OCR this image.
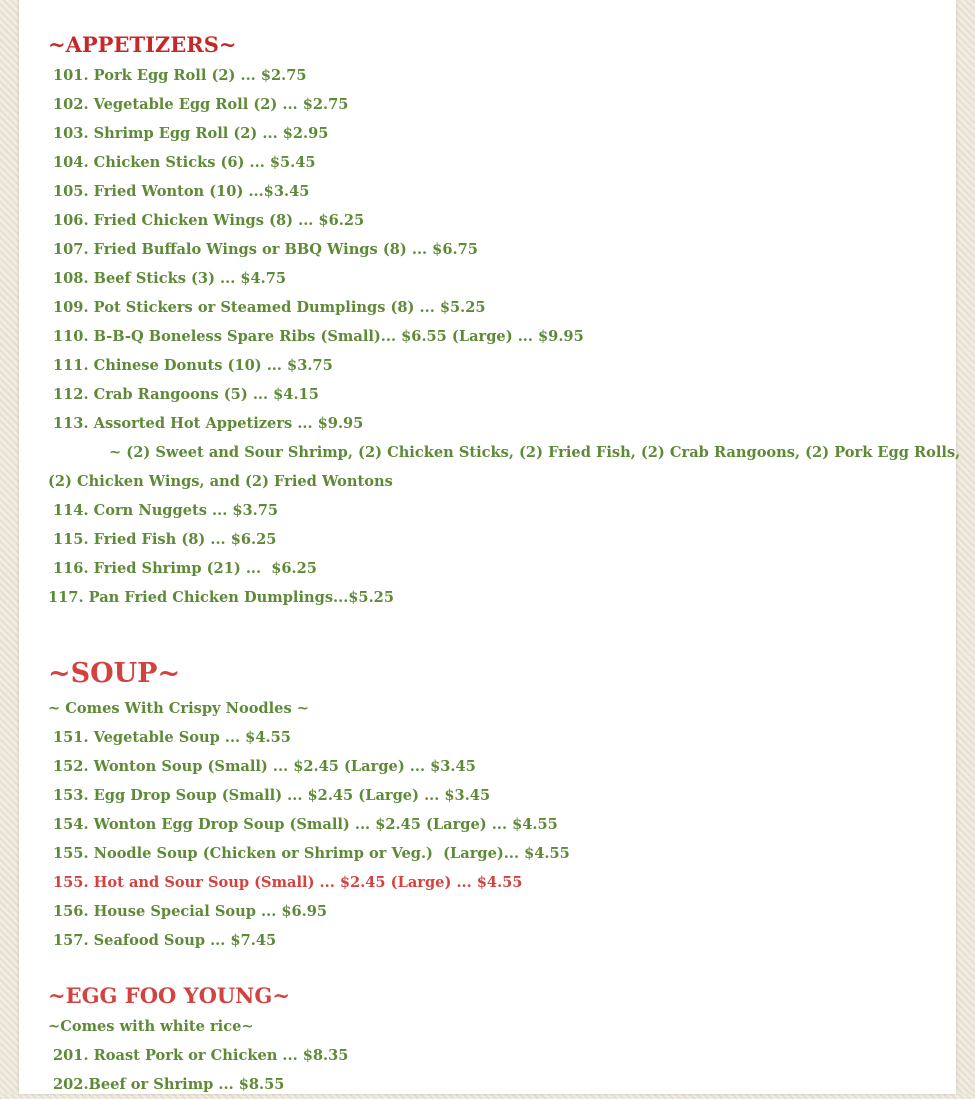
~APPETIZERS~
101. Pork Egg Roll (2) ... $2.75
102. Vegetable Egg Roll (2) ... $2.75
103. Shrimp Egg Roll (2) ... $2.95
104. Chicken Sticks (6) ... $5.45
105. Fried Wonton (10) ...$3.45
106. Fried Chicken Wings (8) ... $6.25
107. Fried Buffalo Wings or BBQ Wings (8) ... $6.75
108. Beef Sticks (3) ... $4.75
109. Pot Stickers or Steamed Dumplings (8) ... $5.25
110. B-B-Q Boneless Spare Ribs (Small)... $6.55 (Large) ... $9.95
111. Chinese Donuts (10) ... $3.75
112. Crab Rangoons (5) ... $4.15
113. Assorted Hot Appetizers ... $9.95
~ (2) Sweet and Sour Shrimp, (2) Chicken Sticks, (2) Fried Fish, (2) Crab Rangoons, (2) Pork Egg Rolls,
(2) Chicken Wings, and (2) Fried Wontons
114. Corn Nuggets ... $3.75
115. Fried Fish (8) ... $6.25
116. Fried Shrimp (21) ...  $6.25
117. Pan Fried Chicken Dumplings...$5.25
~SOUP~
~ Comes With Crispy Noodles ~
151. Vegetable Soup ... $4.55
152. Wonton Soup (Small) ... $2.45 (Large) ... $3.45
153. Egg Drop Soup (Small) ... $2.45 (Large) ... $3.45
154. Wonton Egg Drop Soup (Small) ... $2.45 (Large) ... $4.55
155. Noodle Soup (Chicken or Shrimp or Veg.)  (Large)... $4.55
155. Hot and Sour Soup (Small) ... $2.45 (Large) ... $4.55
156. House Special Soup ... $6.95
157. Seafood Soup ... $7.45
~EGG FOO YOUNG~
~Comes with white rice~
201. Roast Pork or Chicken ... $8.35
202.Beef or Shrimp ... $8.55
